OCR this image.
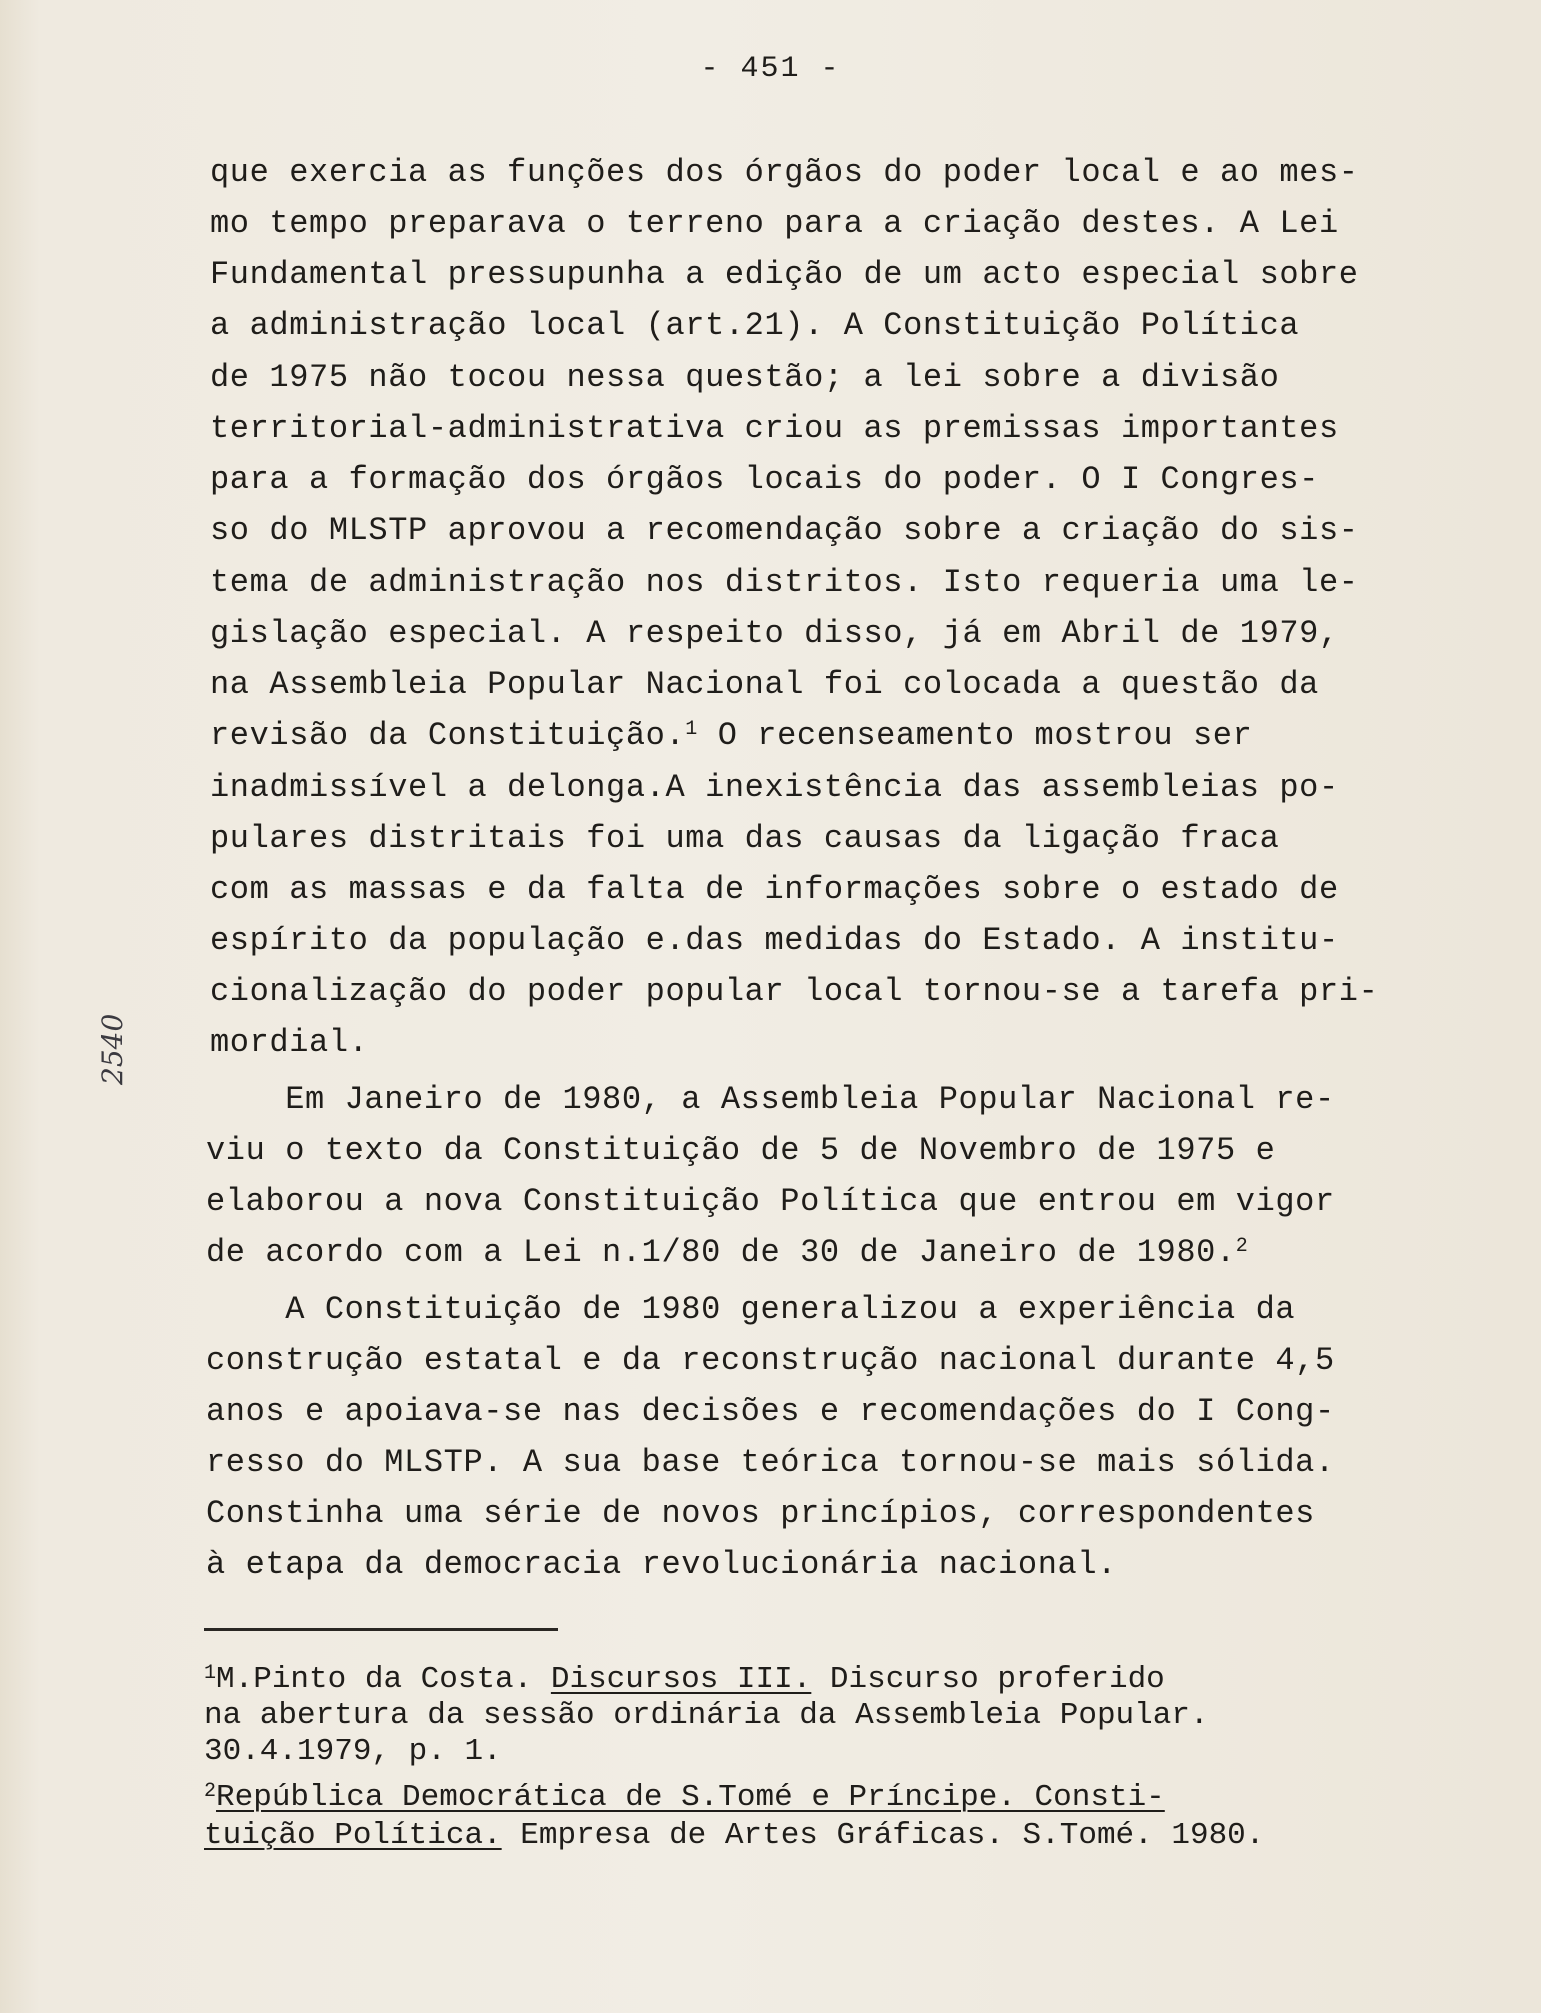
- 451 -
2540
que exercia as funções dos órgãos do poder local e ao mes-
mo tempo preparava o terreno para a criação destes. A Lei
Fundamental pressupunha a edição de um acto especial sobre
a administração local (art.21). A Constituição Política
de 1975 não tocou nessa questão; a lei sobre a divisão
territorial-administrativa criou as premissas importantes
para a formação dos órgãos locais do poder. O I Congres-
so do MLSTP aprovou a recomendação sobre a criação do sis-
tema de administração nos distritos. Isto requeria uma le-
gislação especial. A respeito disso, já em Abril de 1979,
na Assembleia Popular Nacional foi colocada a questão da
revisão da Constituição.$^1$ O recenseamento mostrou ser
inadmissível a delonga.A inexistência das assembleias po-
pulares distritais foi uma das causas da ligação fraca
com as massas e da falta de informações sobre o estado de
espírito da população e.das medidas do Estado. A institu-
cionalização do poder popular local tornou-se a tarefa pri-
mordial.
Em Janeiro de 1980, a Assembleia Popular Nacional re-
viu o texto da Constituição de 5 de Novembro de 1975 e
elaborou a nova Constituição Política que entrou em vigor
de acordo com a Lei n.1/80 de 30 de Janeiro de 1980.$^2$
A Constituição de 1980 generalizou a experiência da
construção estatal e da reconstrução nacional durante 4,5
anos e apoiava-se nas decisões e recomendações do I Cong-
resso do MLSTP. A sua base teórica tornou-se mais sólida.
Constinha uma série de novos princípios, correspondentes
à etapa da democracia revolucionária nacional.
$^1$M.Pinto da Costa. Discursos III. Discurso proferido
na abertura da sessão ordinária da Assembleia Popular.
30.4.1979, p. 1.
$^2$República Democrática de S.Tomé e Príncipe. Consti-
tuição Política. Empresa de Artes Gráficas. S.Tomé. 1980.
